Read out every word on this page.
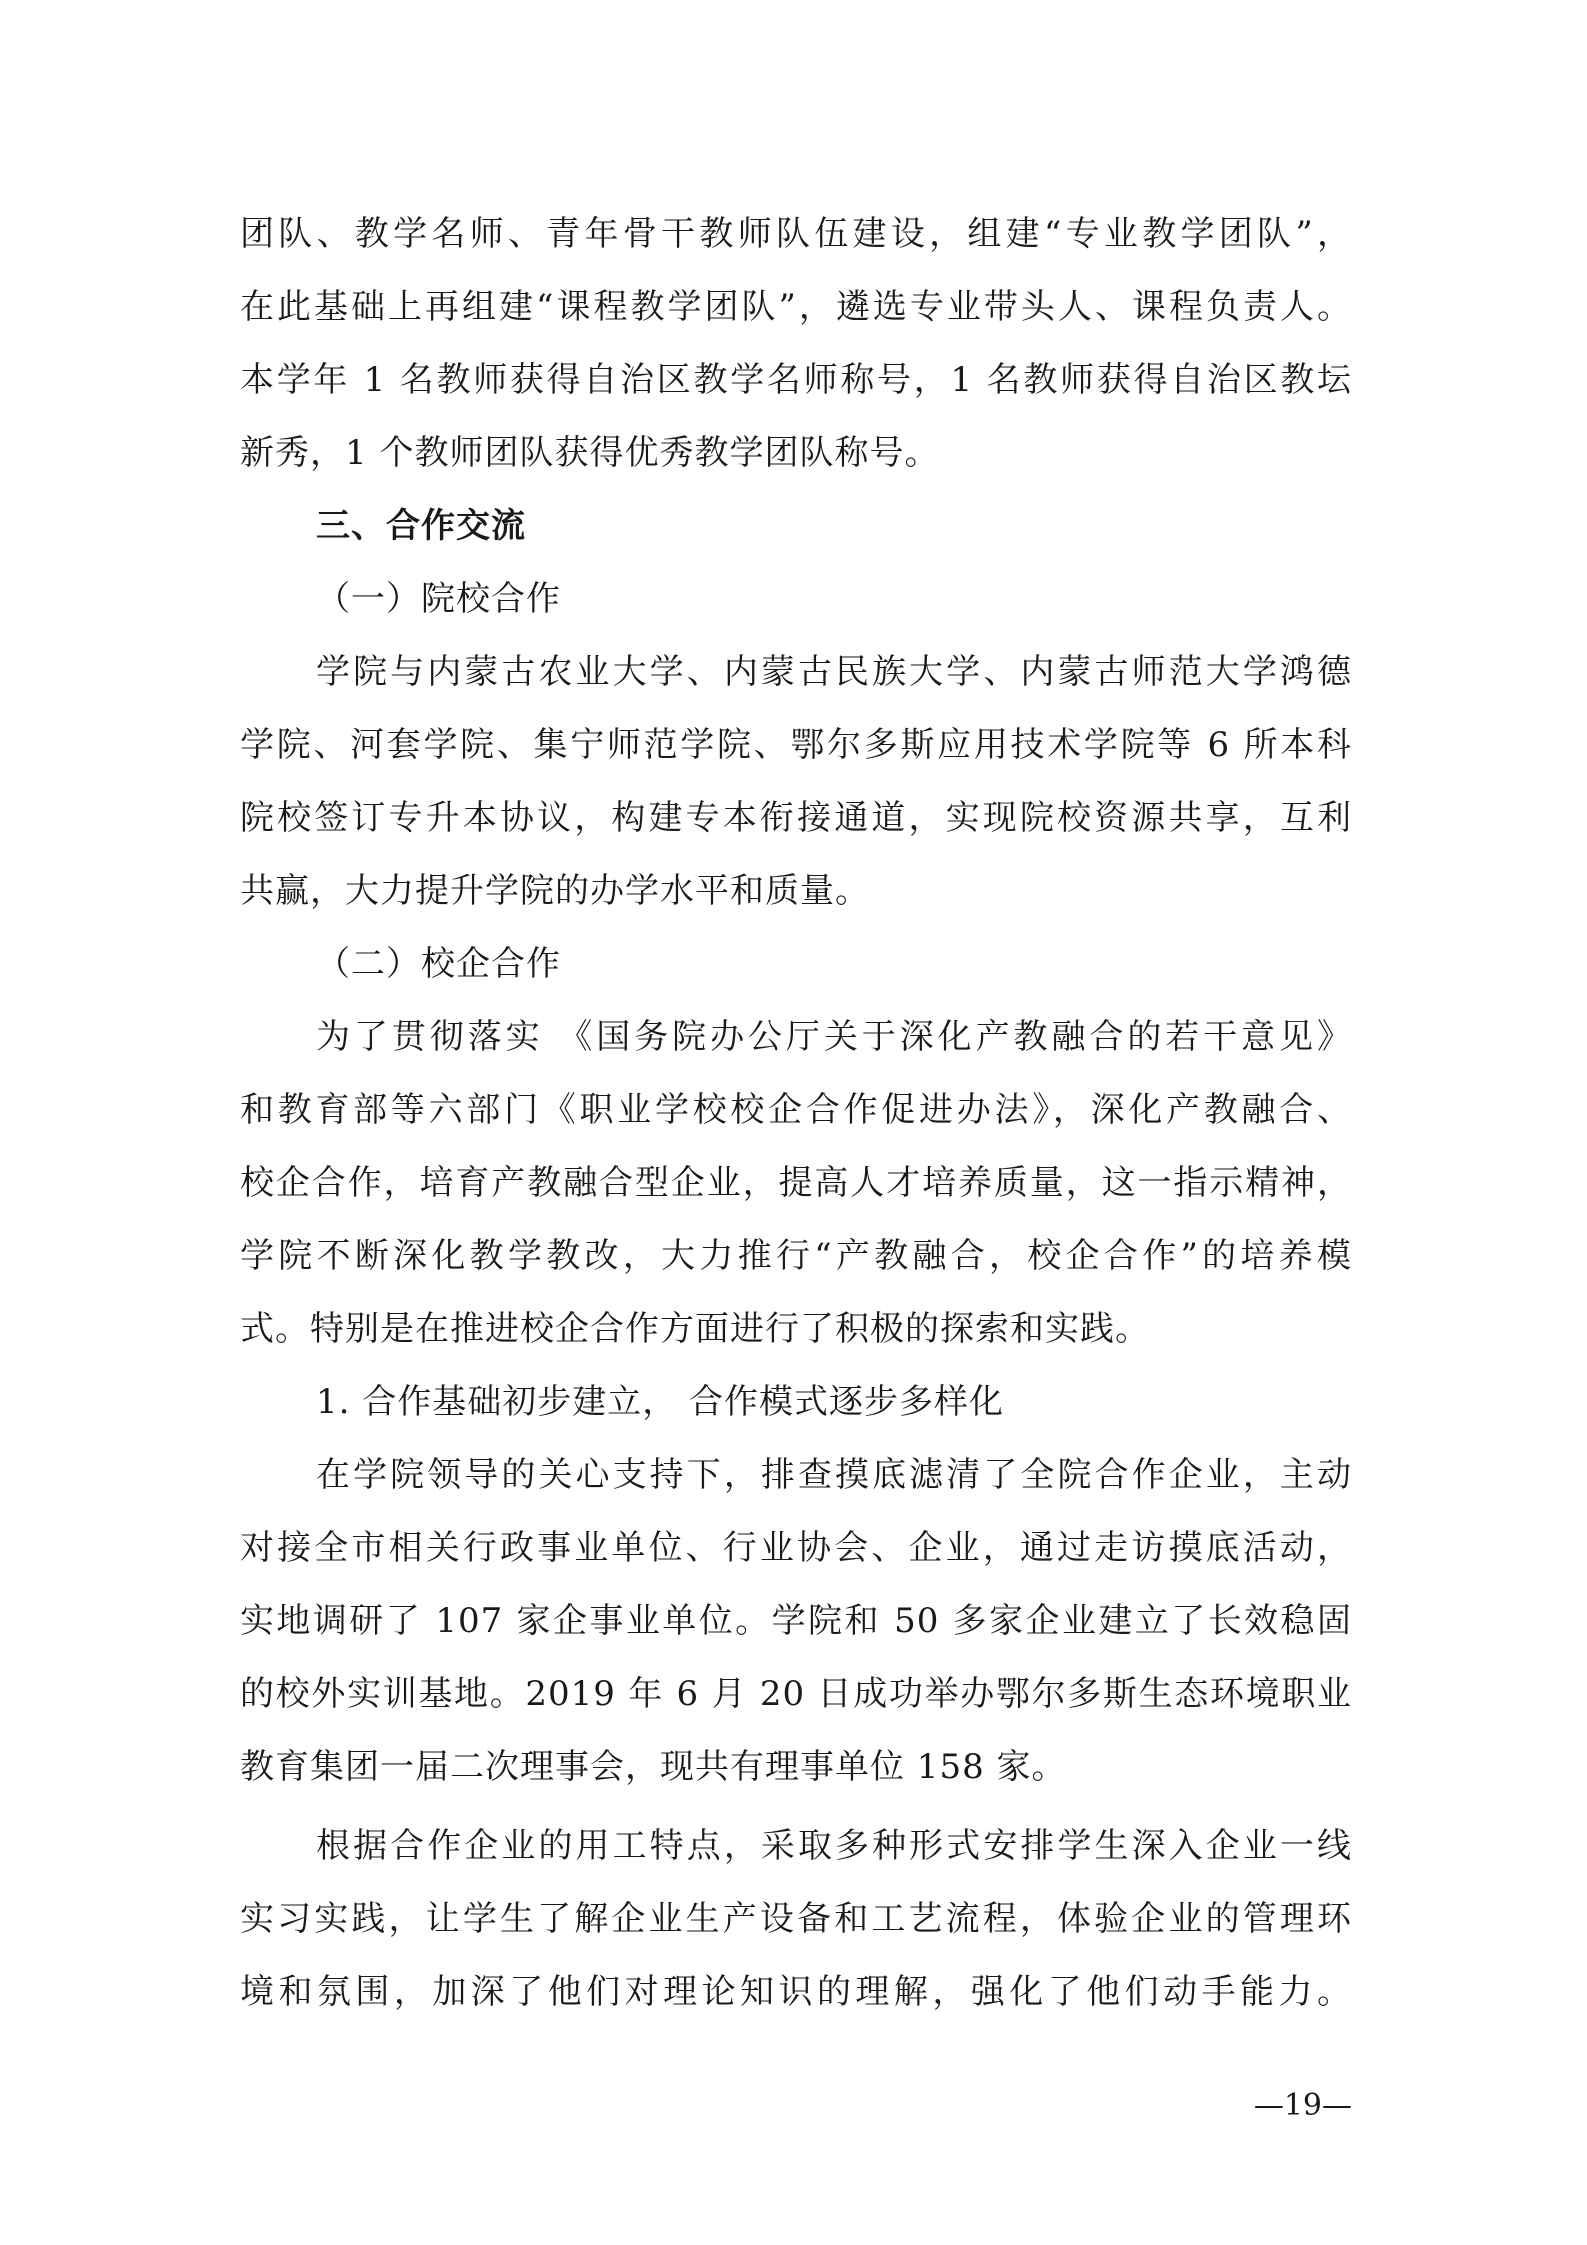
团队、教学名师、青年骨干教师队伍建设，组建“专业教学团队”，
在此基础上再组建“课程教学团队”，遴选专业带头人、课程负责人。
本学年 1 名教师获得自治区教学名师称号，1 名教师获得自治区教坛
新秀，1 个教师团队获得优秀教学团队称号。
三、合作交流
（一）院校合作
学院与内蒙古农业大学、内蒙古民族大学、内蒙古师范大学鸿德
学院、河套学院、集宁师范学院、鄂尔多斯应用技术学院等 6 所本科
院校签订专升本协议，构建专本衔接通道，实现院校资源共享，互利
共赢，大力提升学院的办学水平和质量。
（二）校企合作
为了贯彻落实 《国务院办公厅关于深化产教融合的若干意见》
和教育部等六部门《职业学校校企合作促进办法》，深化产教融合、
校企合作，培育产教融合型企业，提高人才培养质量，这一指示精神，
学院不断深化教学教改，大力推行“产教融合，校企合作”的培养模
式。特别是在推进校企合作方面进行了积极的探索和实践。
1. 合作基础初步建立， 合作模式逐步多样化
在学院领导的关心支持下，排查摸底滤清了全院合作企业，主动
对接全市相关行政事业单位、行业协会、企业，通过走访摸底活动，
实地调研了 107 家企事业单位。学院和 50 多家企业建立了长效稳固
的校外实训基地。2019 年 6 月 20 日成功举办鄂尔多斯生态环境职业
教育集团一届二次理事会，现共有理事单位 158 家。
根据合作企业的用工特点，采取多种形式安排学生深入企业一线
实习实践，让学生了解企业生产设备和工艺流程，体验企业的管理环
境和氛围，加深了他们对理论知识的理解，强化了他们动手能力。
—19—
